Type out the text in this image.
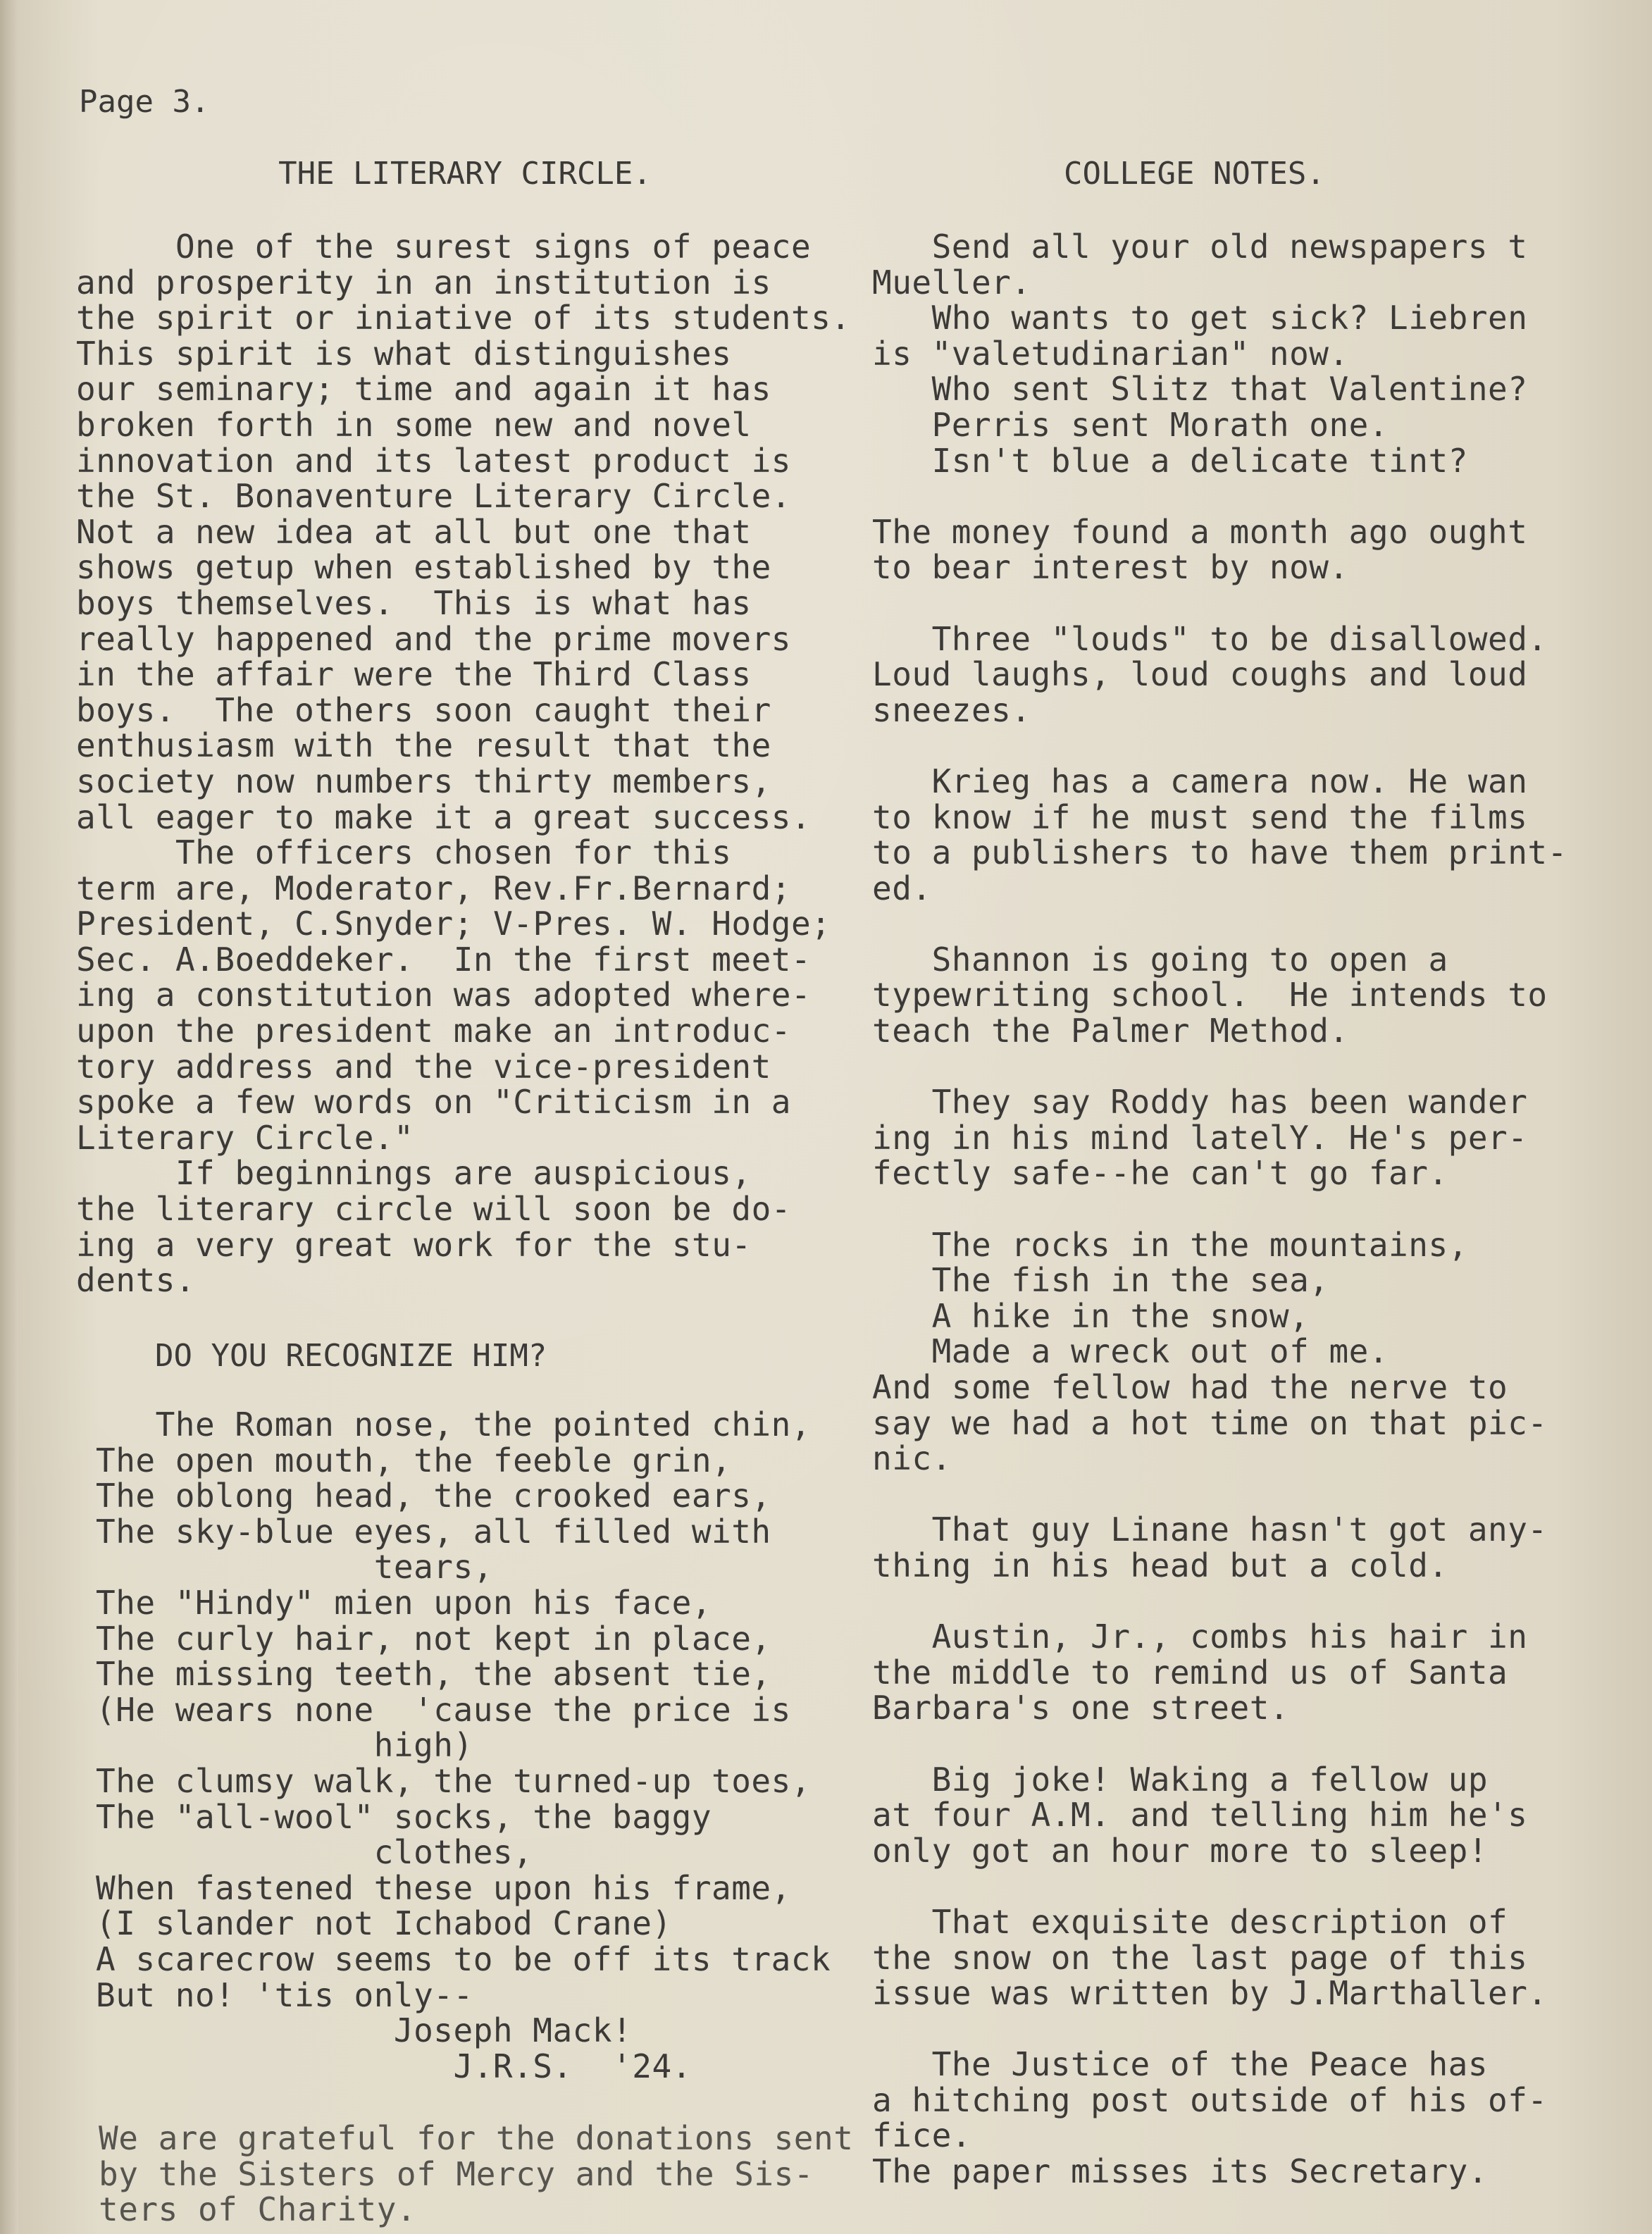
Page 3.
THE LITERARY CIRCLE.
One of the surest signs of peace
and prosperity in an institution is
the spirit or iniative of its students.
This spirit is what distinguishes
our seminary; time and again it has
broken forth in some new and novel
innovation and its latest product is
the St. Bonaventure Literary Circle.
Not a new idea at all but one that
shows getup when established by the
boys themselves.  This is what has
really happened and the prime movers
in the affair were the Third Class
boys.  The others soon caught their
enthusiasm with the result that the
society now numbers thirty members,
all eager to make it a great success.
The officers chosen for this
term are, Moderator, Rev.Fr.Bernard;
President, C.Snyder; V-Pres. W. Hodge;
Sec. A.Boeddeker.  In the first meet-
ing a constitution was adopted where-
upon the president make an introduc-
tory address and the vice-president
spoke a few words on "Criticism in a
Literary Circle."
If beginnings are auspicious,
the literary circle will soon be do-
ing a very great work for the stu-
dents.
DO YOU RECOGNIZE HIM?
The Roman nose, the pointed chin,
The open mouth, the feeble grin,
The oblong head, the crooked ears,
The sky-blue eyes, all filled with
tears,
The "Hindy" mien upon his face,
The curly hair, not kept in place,
The missing teeth, the absent tie,
(He wears none  'cause the price is
high)
The clumsy walk, the turned-up toes,
The "all-wool" socks, the baggy
clothes,
When fastened these upon his frame,
(I slander not Ichabod Crane)
A scarecrow seems to be off its track
But no! 'tis only--
Joseph Mack!
J.R.S.  '24.
We are grateful for the donations sent
by the Sisters of Mercy and the Sis-
ters of Charity.
COLLEGE NOTES.
Send all your old newspapers t
Mueller.
Who wants to get sick? Liebren
is "valetudinarian" now.
Who sent Slitz that Valentine?
Perris sent Morath one.
Isn't blue a delicate tint?

The money found a month ago ought
to bear interest by now.

Three "louds" to be disallowed.
Loud laughs, loud coughs and loud
sneezes.

Krieg has a camera now. He wan
to know if he must send the films
to a publishers to have them print-
ed.

Shannon is going to open a
typewriting school.  He intends to
teach the Palmer Method.

They say Roddy has been wander
ing in his mind latelY. He's per-
fectly safe--he can't go far.

The rocks in the mountains,
The fish in the sea,
A hike in the snow,
Made a wreck out of me.
And some fellow had the nerve to
say we had a hot time on that pic-
nic.

That guy Linane hasn't got any-
thing in his head but a cold.

Austin, Jr., combs his hair in
the middle to remind us of Santa
Barbara's one street.

Big joke! Waking a fellow up
at four A.M. and telling him he's
only got an hour more to sleep!

That exquisite description of
the snow on the last page of this
issue was written by J.Marthaller.

The Justice of the Peace has
a hitching post outside of his of-
fice.
The paper misses its Secretary.
